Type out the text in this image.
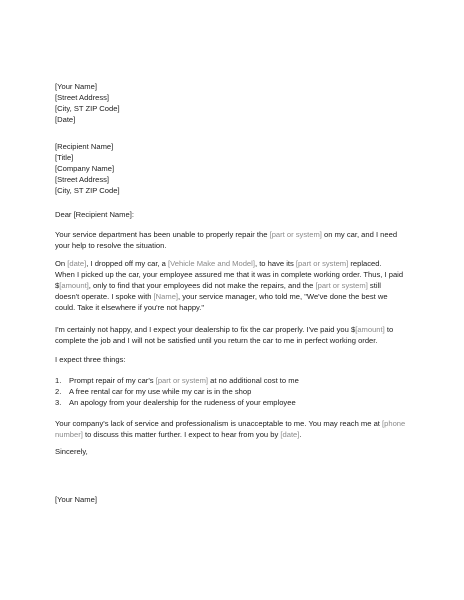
[Your Name]
[Street Address]
[City, ST ZIP Code]
[Date]
[Recipient Name]
[Title]
[Company Name]
[Street Address]
[City, ST ZIP Code]
Dear [Recipient Name]:
Your service department has been unable to properly repair the [part or system] on my car, and I need
your help to resolve the situation.
On [date], I dropped off my car, a [Vehicle Make and Model], to have its [part or system] replaced.
When I picked up the car, your employee assured me that it was in complete working order. Thus, I paid
$[amount], only to find that your employees did not make the repairs, and the [part or system] still
doesn't operate. I spoke with [Name], your service manager, who told me, "We've done the best we
could. Take it elsewhere if you're not happy."
I'm certainly not happy, and I expect your dealership to fix the car properly. I've paid you $[amount] to
complete the job and I will not be satisfied until you return the car to me in perfect working order.
I expect three things:
1. Prompt repair of my car's [part or system] at no additional cost to me
2. A free rental car for my use while my car is in the shop
3. An apology from your dealership for the rudeness of your employee
Your company's lack of service and professionalism is unacceptable to me. You may reach me at [phone
number] to discuss this matter further. I expect to hear from you by [date].
Sincerely,
[Your Name]
